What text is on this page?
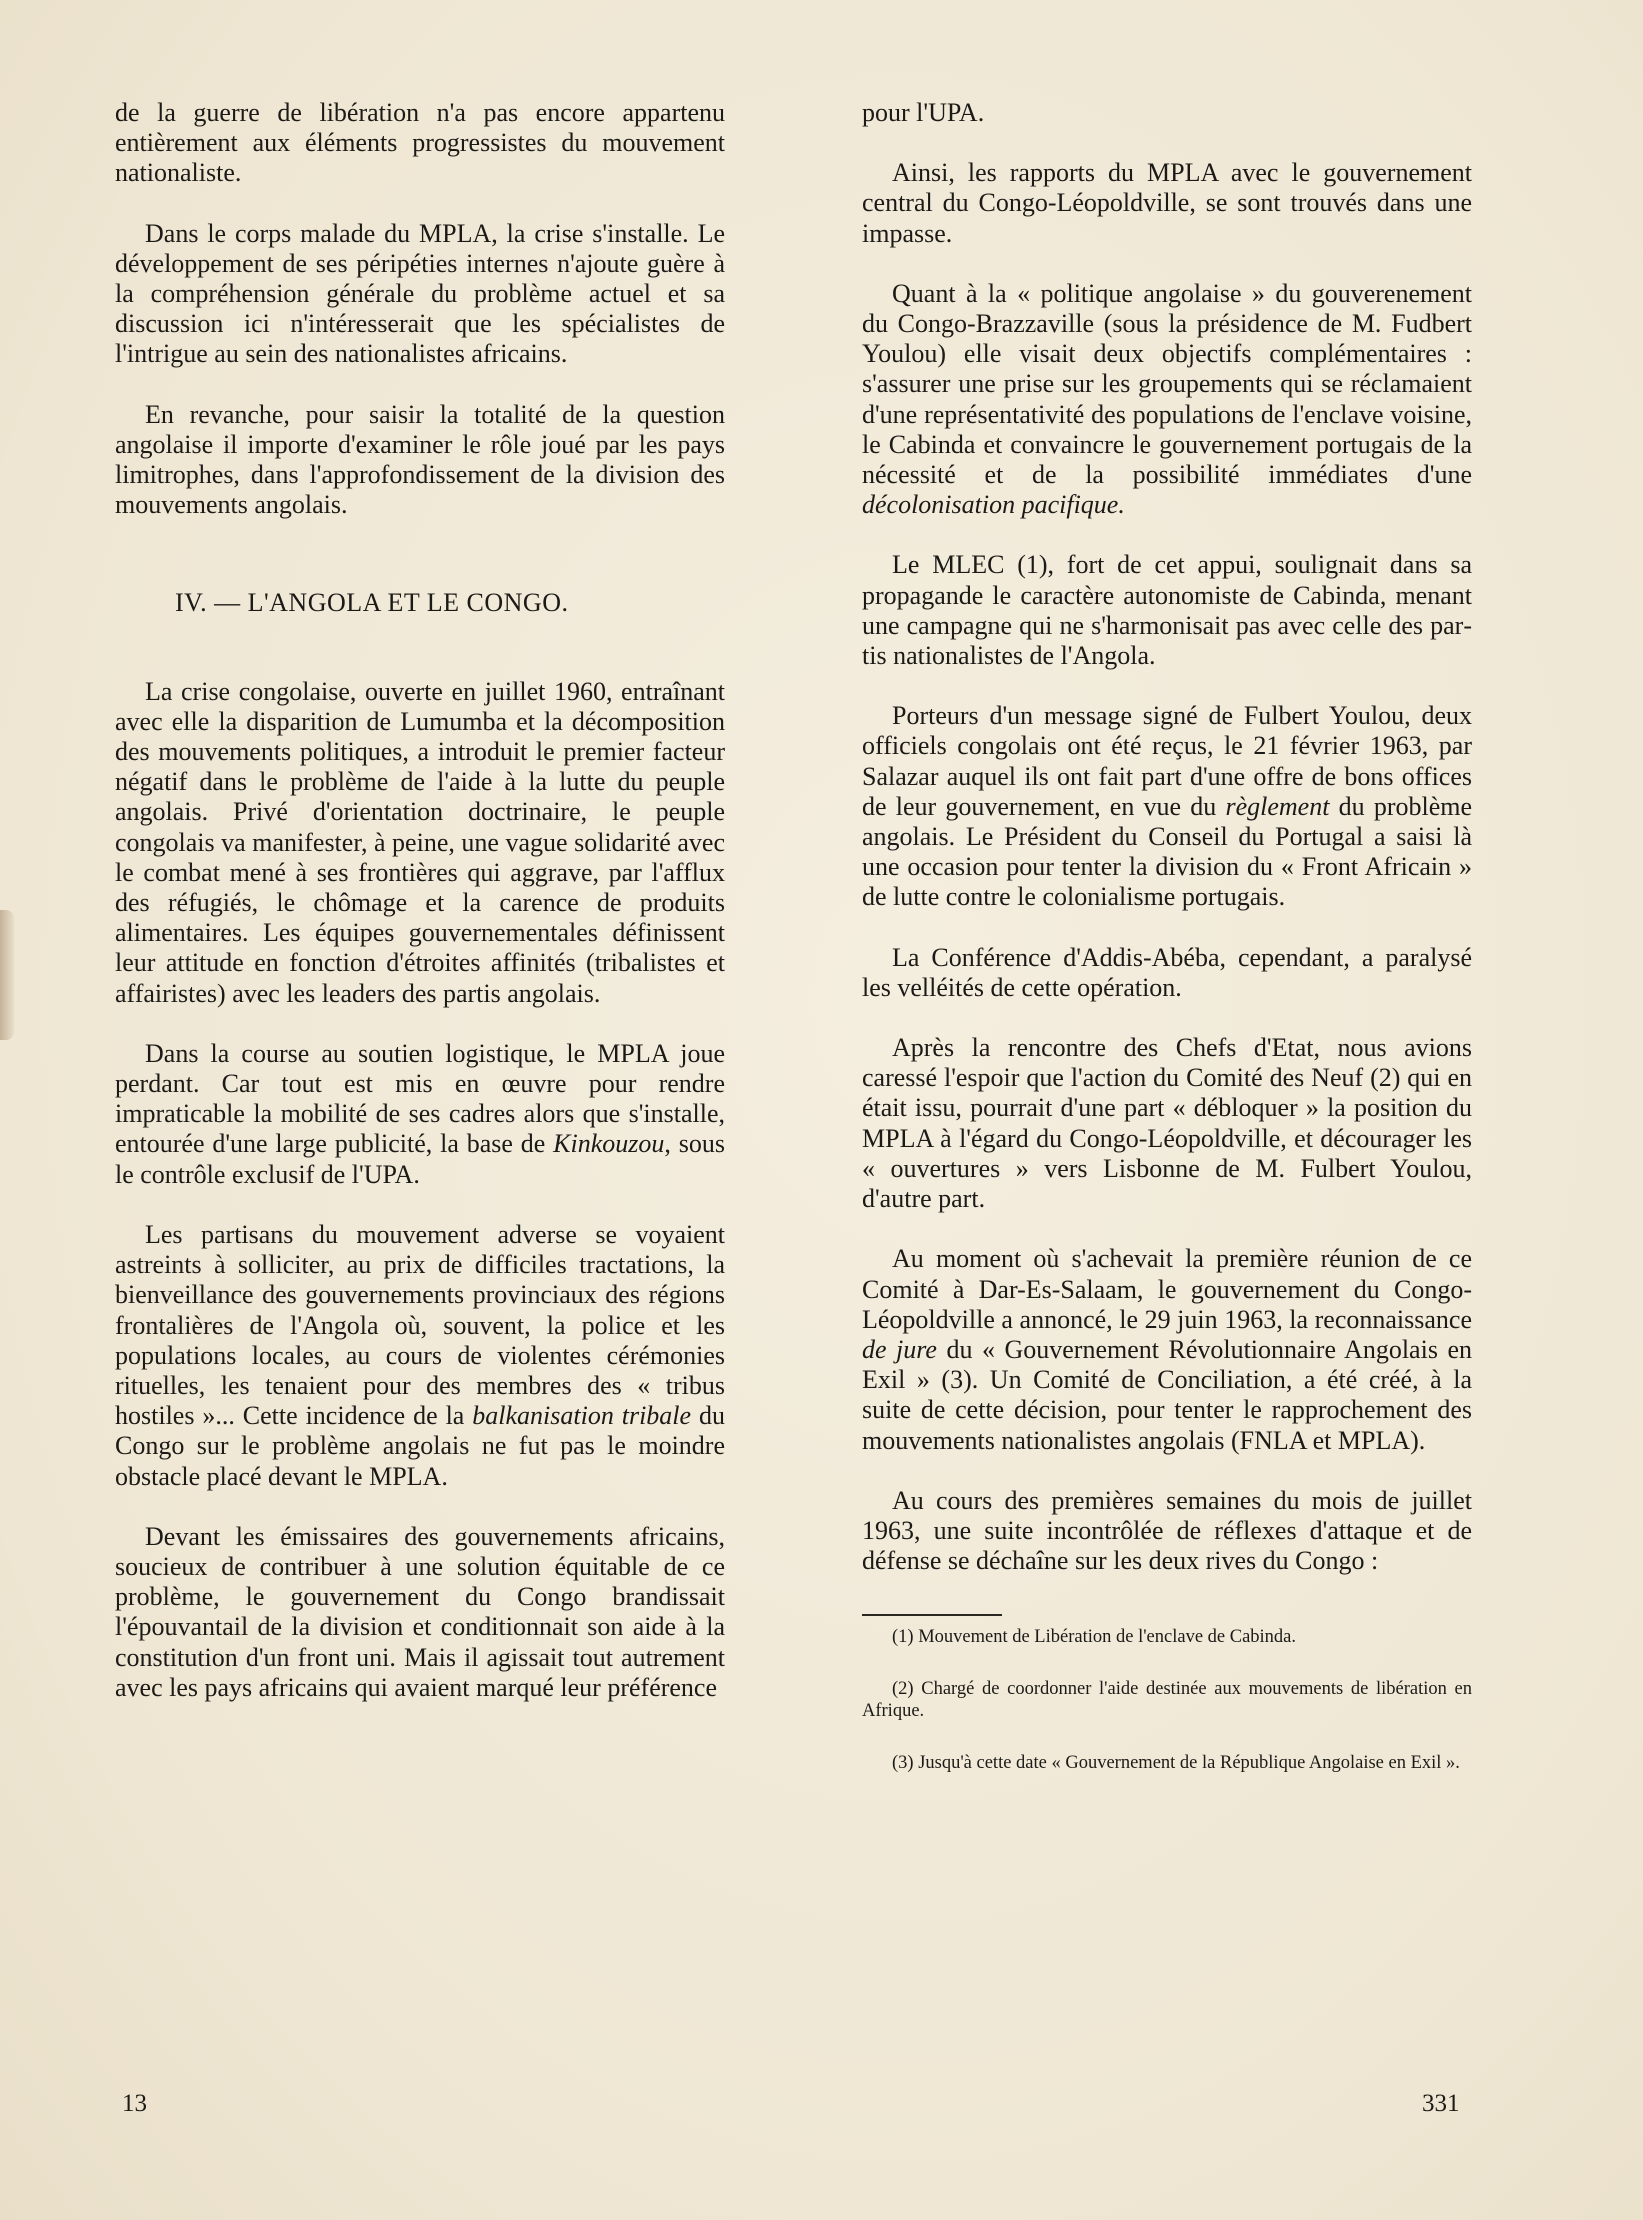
de la guerre de libération n'a pas encore appartenu entièrement aux éléments progressistes du mouvement nationaliste.

Dans le corps malade du MPLA, la crise s'installe. Le développement de ses péripéties internes n'ajoute guère à la compréhension générale du problème actuel et sa discussion ici n'intéresserait que les spécialistes de l'intrigue au sein des nationalistes africains.

En revanche, pour saisir la totalité de la question angolaise il importe d'examiner le rôle joué par les pays limitrophes, dans l'approfondissement de la division des mouvements angolais.

IV. — L'ANGOLA ET LE CONGO.

La crise congolaise, ouverte en juillet 1960, entraînant avec elle la disparition de Lumumba et la décomposition des mouvements politiques, a introduit le premier facteur négatif dans le problème de l'aide à la lutte du peuple angolais. Privé d'orientation doctrinaire, le peuple congolais va manifester, à peine, une vague solidarité avec le combat mené à ses frontières qui aggrave, par l'afflux des réfugiés, le chômage et la carence de produits alimentaires. Les équipes gouvernementales définissent leur attitude en fonction d'étroites affinités (tribalistes et affairistes) avec les leaders des partis angolais.

Dans la course au soutien logistique, le MPLA joue perdant. Car tout est mis en œuvre pour rendre impraticable la mobilité de ses cadres alors que s'installe, entourée d'une large publicité, la base de Kinkouzou, sous le contrôle exclusif de l'UPA.

Les partisans du mouvement adverse se voyaient astreints à solliciter, au prix de difficiles tractations, la bienveillance des gouvernements provinciaux des régions frontalières de l'Angola où, souvent, la police et les populations locales, au cours de violentes cérémonies rituelles, les tenaient pour des membres des « tribus hostiles »... Cette incidence de la balkanisation tribale du Congo sur le problème angolais ne fut pas le moindre obstacle placé devant le MPLA.

Devant les émissaires des gouvernements africains, soucieux de contribuer à une solution équitable de ce problème, le gouvernement du Congo brandissait l'épouvantail de la division et conditionnait son aide à la constitution d'un front uni. Mais il agissait tout autrement avec les pays africains qui avaient marqué leur préférence

pour l'UPA.

Ainsi, les rapports du MPLA avec le gouvernement central du Congo-Léopoldville, se sont trouvés dans une impasse.

Quant à la « politique angolaise » du gouverenement du Congo-Brazzaville (sous la présidence de M. Fudbert Youlou) elle visait deux objectifs complémentaires : s'assurer une prise sur les groupements qui se réclamaient d'une représentativité des populations de l'enclave voisine, le Cabinda et convaincre le gouvernement portugais de la nécessité et de la possibilité immédiates d'une décolonisation pacifique.

Le MLEC (1), fort de cet appui, soulignait dans sa propagande le caractère autonomiste de Cabinda, menant une campagne qui ne s'harmonisait pas avec celle des partis nationalistes de l'Angola.

Porteurs d'un message signé de Fulbert Youlou, deux officiels congolais ont été reçus, le 21 février 1963, par Salazar auquel ils ont fait part d'une offre de bons offices de leur gouvernement, en vue du règlement du problème angolais. Le Président du Conseil du Portugal a saisi là une occasion pour tenter la division du « Front Africain » de lutte contre le colonialisme portugais.

La Conférence d'Addis-Abéba, cependant, a paralysé les velléités de cette opération.

Après la rencontre des Chefs d'Etat, nous avions caressé l'espoir que l'action du Comité des Neuf (2) qui en était issu, pourrait d'une part « débloquer » la position du MPLA à l'égard du Congo-Léopoldville, et décourager les « ouvertures » vers Lisbonne de M. Fulbert Youlou, d'autre part.

Au moment où s'achevait la première réunion de ce Comité à Dar-Es-Salaam, le gouvernement du Congo-Léopoldville a annoncé, le 29 juin 1963, la reconnaissance de jure du « Gouvernement Révolutionnaire Angolais en Exil » (3). Un Comité de Conciliation, a été créé, à la suite de cette décision, pour tenter le rapprochement des mouvements nationalistes angolais (FNLA et MPLA).

Au cours des premières semaines du mois de juillet 1963, une suite incontrôlée de réflexes d'attaque et de défense se déchaîne sur les deux rives du Congo :

(1) Mouvement de Libération de l'enclave de Cabinda.

(2) Chargé de coordonner l'aide destinée aux mouvements de libération en Afrique.

(3) Jusqu'à cette date « Gouvernement de la République Angolaise en Exil ».

13	331
